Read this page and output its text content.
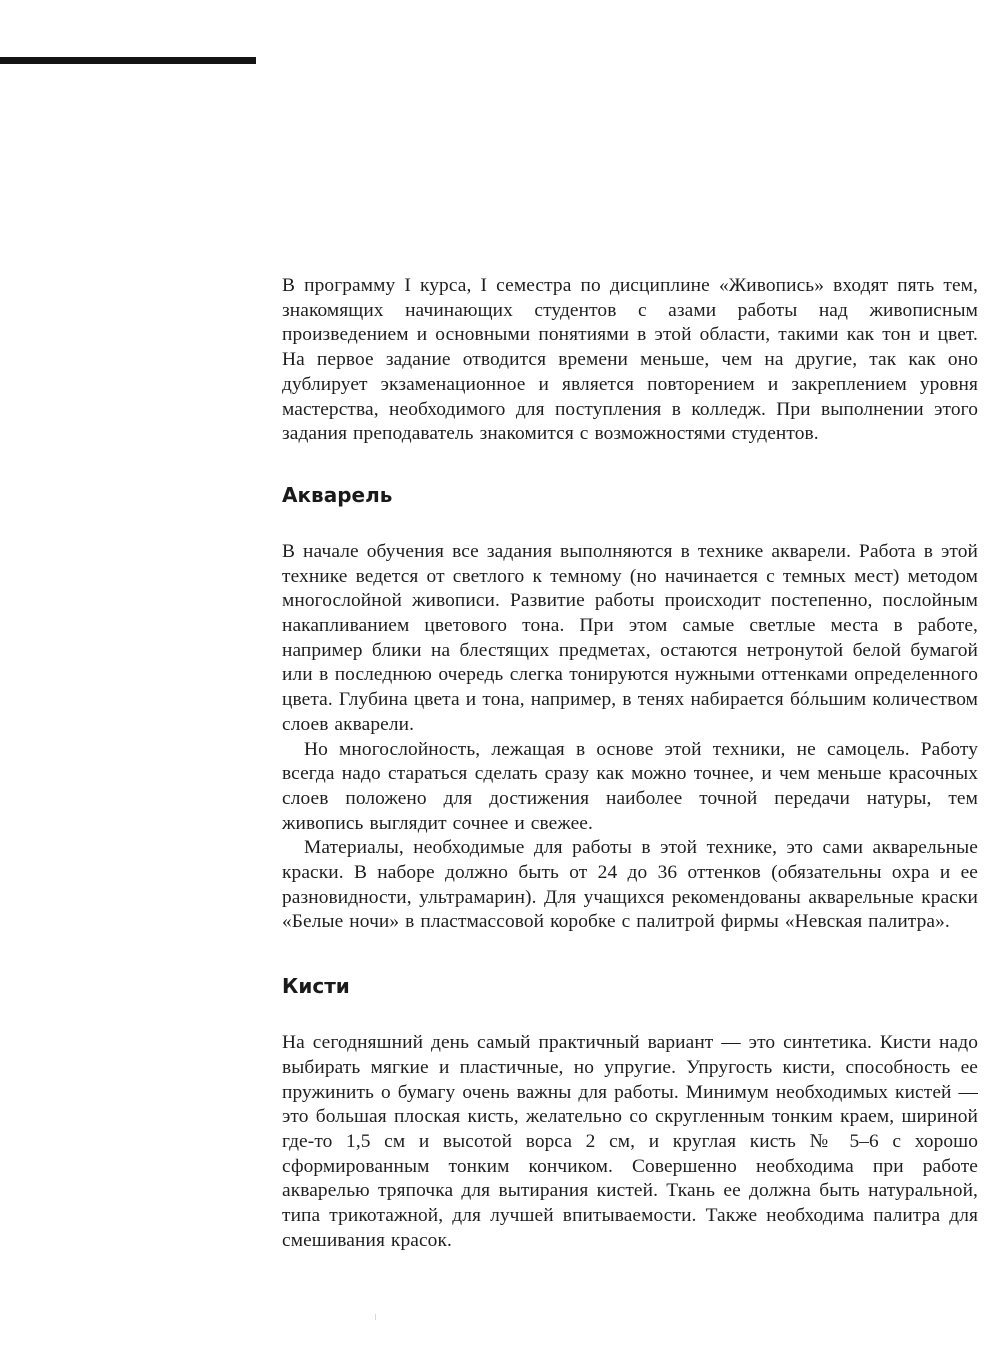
В программу I курса, I семестра по дисциплине «Живопись» входят пять тем, знакомящих начинающих студентов с азами работы над живописным произведением и основными понятиями в этой области, такими как тон и цвет. На первое задание отводится времени меньше, чем на другие, так как оно дублирует экзаменационное и является повторением и закреплением уровня мастерства, необходимого для поступления в колледж. При выполнении этого задания преподаватель знакомится с возможностями студентов.

Акварель

В начале обучения все задания выполняются в технике акварели. Работа в этой технике ведется от светлого к темному (но начинается с темных мест) методом многослойной живописи. Развитие работы происходит постепенно, послойным накапливанием цветового тона. При этом самые светлые места в работе, например блики на блестящих предметах, остаются нетронутой белой бумагой или в последнюю очередь слегка тонируются нужными оттенками определенного цвета. Глубина цвета и тона, например, в тенях набирается бóльшим количеством слоев акварели.

Но многослойность, лежащая в основе этой техники, не самоцель. Работу всегда надо стараться сделать сразу как можно точнее, и чем меньше красочных слоев положено для достижения наиболее точной передачи натуры, тем живопись выглядит сочнее и свежее.

Материалы, необходимые для работы в этой технике, это сами акварельные краски. В наборе должно быть от 24 до 36 оттенков (обязательны охра и ее разновидности, ультрамарин). Для учащихся рекомендованы акварельные краски «Белые ночи» в пластмассовой коробке с палитрой фирмы «Невская палитра».

Кисти

На сегодняшний день самый практичный вариант — это синтетика. Кисти надо выбирать мягкие и пластичные, но упругие. Упругость кисти, способность ее пружинить о бумагу очень важны для работы. Минимум необходимых кистей — это большая плоская кисть, желательно со скругленным тонким краем, шириной где-то 1,5 см и высотой ворса 2 см, и круглая кисть № 5–6 с хорошо сформированным тонким кончиком. Совершенно необходима при работе акварелью тряпочка для вытирания кистей. Ткань ее должна быть натуральной, типа трикотажной, для лучшей впитываемости. Также необходима палитра для смешивания красок.
